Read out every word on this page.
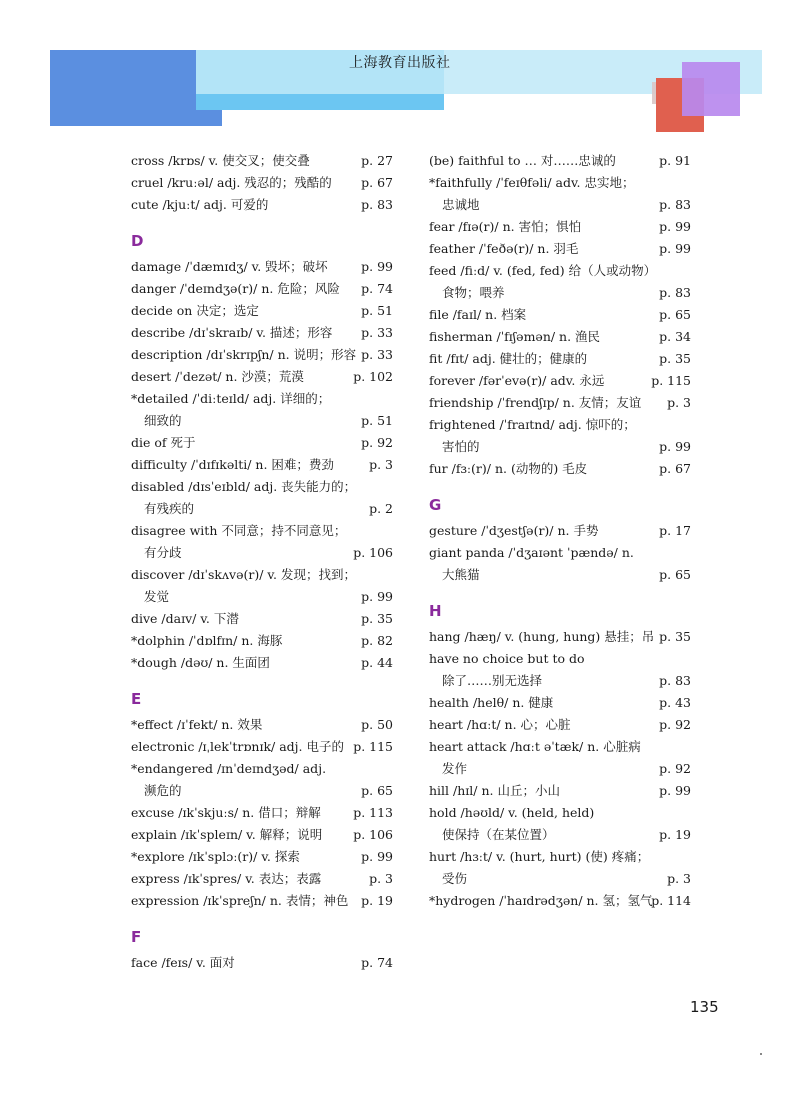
上海教育出版社
cross /krɒs/ v. 使交叉；使交叠	p. 27
cruel /kruːəl/ adj. 残忍的；残酷的 p. 67
cute /kjuːt/ adj. 可爱的	p. 83
D
damage /ˈdæmɪdʒ/ v. 毁坏；破坏	p. 99
danger /ˈdeɪndʒə(r)/ n. 危险；风险 p. 74
decide on 决定；选定	p. 51
describe /dɪˈskraɪb/ v. 描述；形容 p. 33
description /dɪˈskrɪpʃn/ n. 说明；形容 p. 33
desert /ˈdezət/ n. 沙漠；荒漠	p. 102
*detailed /ˈdiːteɪld/ adj. 详细的；
细致的	p. 51
die of 死于	p. 92
difficulty /ˈdɪfɪkəlti/ n. 困难；费劲	p. 3
disabled /dɪsˈeɪbld/ adj. 丧失能力的；
有残疾的	p. 2
disagree with 不同意；持不同意见；
有分歧	p. 106
discover /dɪˈskʌvə(r)/ v. 发现；找到；
发觉	p. 99
dive /daɪv/ v. 下潜	p. 35
*dolphin /ˈdɒlfɪn/ n. 海豚	p. 82
*dough /dəʊ/ n. 生面团	p. 44
E
*effect /ɪˈfekt/ n. 效果	p. 50
electronic /ɪˌlekˈtrɒnɪk/ adj. 电子的 p. 115
*endangered /ɪnˈdeɪndʒəd/ adj.
濒危的	p. 65
excuse /ɪkˈskjuːs/ n. 借口；辩解	p. 113
explain /ɪkˈspleɪn/ v. 解释；说明 p. 106
*explore /ɪkˈsplɔː(r)/ v. 探索	p. 99
express /ɪkˈspres/ v. 表达；表露	p. 3
expression /ɪkˈspreʃn/ n. 表情；神色 p. 19
F
face /feɪs/ v. 面对	p. 74
(be) faithful to … 对……忠诚的	p. 91
*faithfully /ˈfeɪθfəli/ adv. 忠实地；
忠诚地	p. 83
fear /fɪə(r)/ n. 害怕；惧怕	p. 99
feather /ˈfeðə(r)/ n. 羽毛	p. 99
feed /fiːd/ v. (fed, fed) 给（人或动物）
食物；喂养	p. 83
file /faɪl/ n. 档案	p. 65
fisherman /ˈfɪʃəmən/ n. 渔民	p. 34
fit /fɪt/ adj. 健壮的；健康的	p. 35
forever /fərˈevə(r)/ adv. 永远	p. 115
friendship /ˈfrendʃɪp/ n. 友情；友谊 p. 3
frightened /ˈfraɪtnd/ adj. 惊吓的；
害怕的	p. 99
fur /fɜː(r)/ n. (动物的) 毛皮	p. 67
G
gesture /ˈdʒestʃə(r)/ n. 手势	p. 17
giant panda /ˈdʒaɪənt ˈpændə/ n.
大熊猫	p. 65
H
hang /hæŋ/ v. (hung, hung) 悬挂；吊 p. 35
have no choice but to do
除了……别无选择	p. 83
health /helθ/ n. 健康	p. 43
heart /hɑːt/ n. 心；心脏	p. 92
heart attack /hɑːt əˈtæk/ n. 心脏病
发作	p. 92
hill /hɪl/ n. 山丘；小山	p. 99
hold /həʊld/ v. (held, held)
使保持（在某位置）	p. 19
hurt /hɜːt/ v. (hurt, hurt) (使) 疼痛；
受伤	p. 3
*hydrogen /ˈhaɪdrədʒən/ n. 氢；氢气
p. 114
135
